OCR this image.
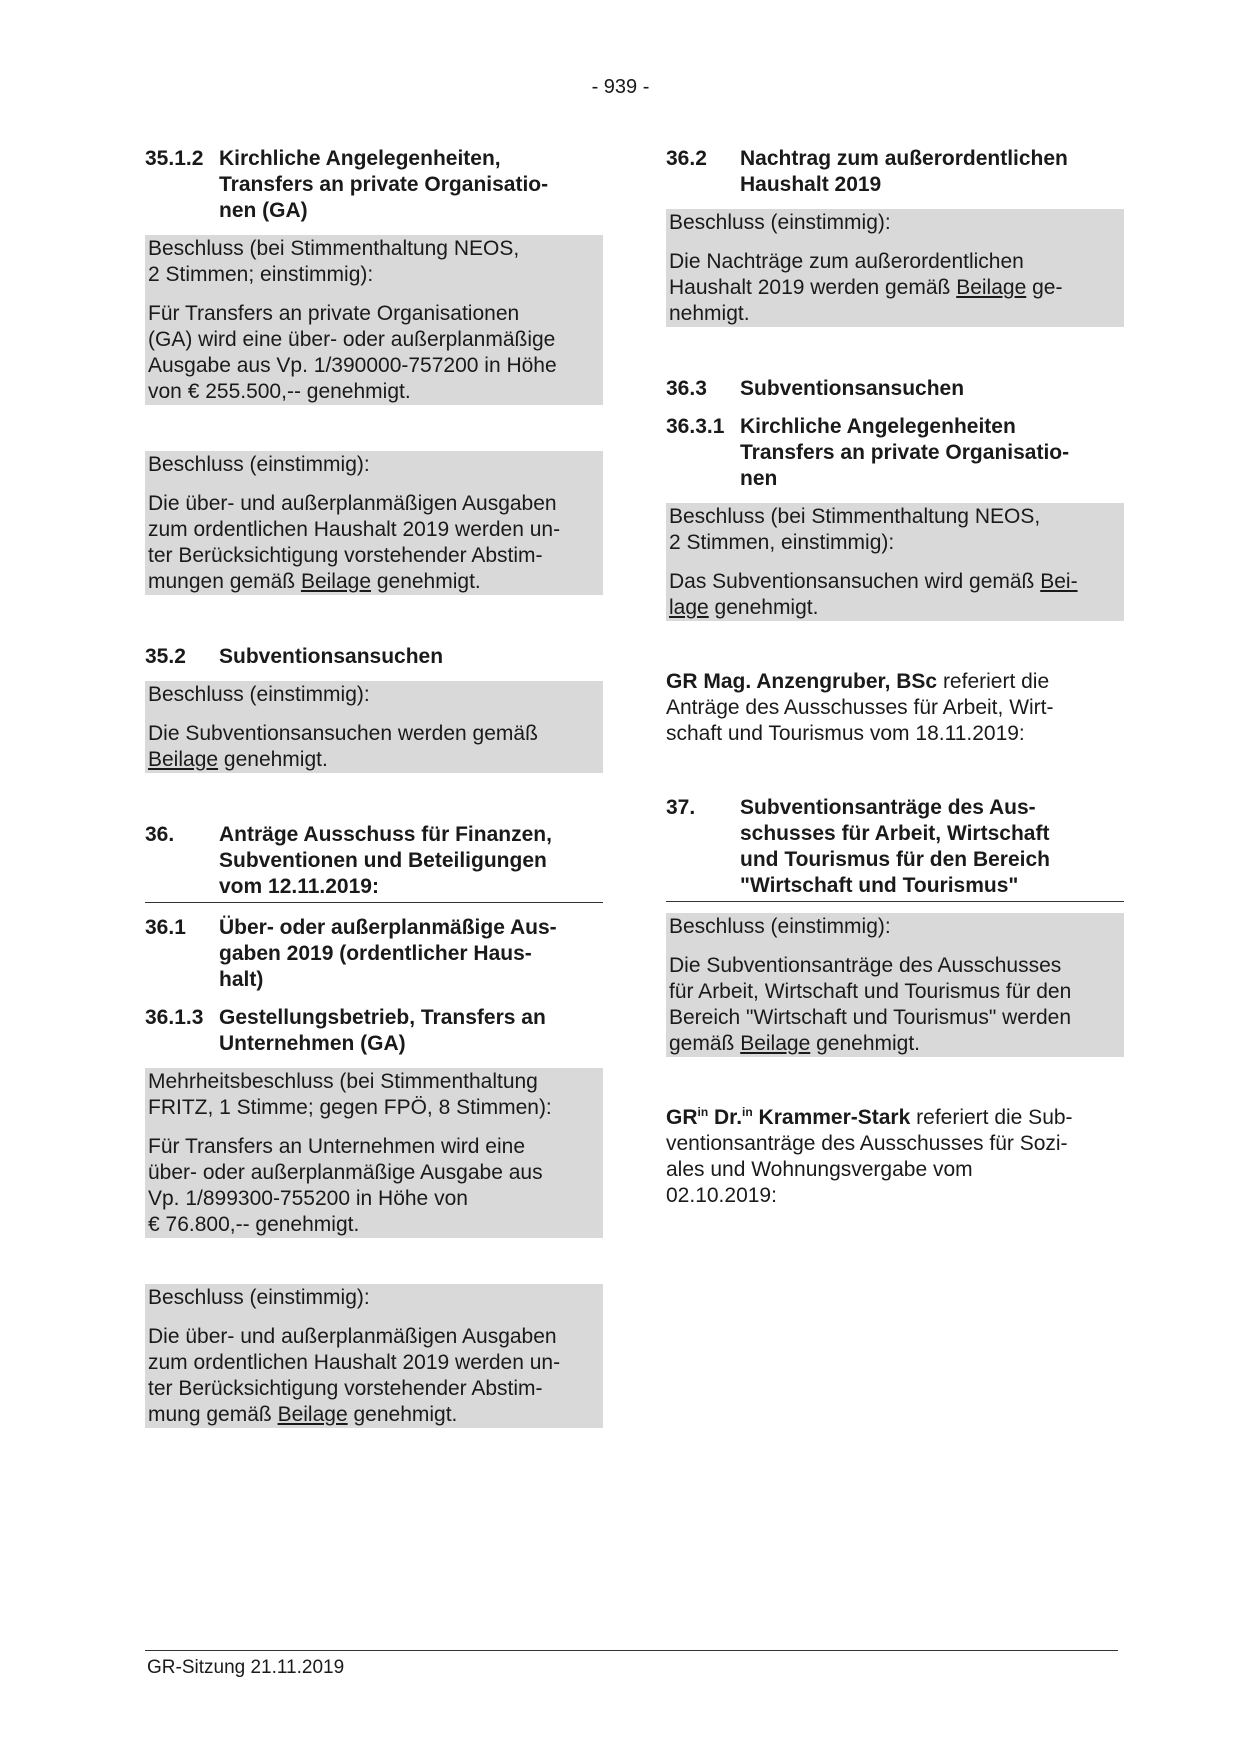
- 939 -
35.1.2 Kirchliche Angelegenheiten,
Transfers an private Organisatio-
nen (GA)

Beschluss (bei Stimmenthaltung NEOS,
2 Stimmen; einstimmig):

Für Transfers an private Organisationen
(GA) wird eine über- oder außerplanmäßige
Ausgabe aus Vp. 1/390000-757200 in Höhe
von € 255.500,-- genehmigt.

Beschluss (einstimmig):

Die über- und außerplanmäßigen Ausgaben
zum ordentlichen Haushalt 2019 werden un-
ter Berücksichtigung vorstehender Abstim-
mungen gemäß Beilage genehmigt.

35.2	Subventionsansuchen

Beschluss (einstimmig):

Die Subventionsansuchen werden gemäß
Beilage genehmigt.

36.	Anträge Ausschuss für Finanzen,
Subventionen und Beteiligungen
vom 12.11.2019:
36.1	Über- oder außerplanmäßige Aus-
gaben 2019 (ordentlicher Haus-
halt)
36.1.3 Gestellungsbetrieb, Transfers an
Unternehmen (GA)

Mehrheitsbeschluss (bei Stimmenthaltung
FRITZ, 1 Stimme; gegen FPÖ, 8 Stimmen):

Für Transfers an Unternehmen wird eine
über- oder außerplanmäßige Ausgabe aus
Vp. 1/899300-755200 in Höhe von
€ 76.800,-- genehmigt.

Beschluss (einstimmig):

Die über- und außerplanmäßigen Ausgaben
zum ordentlichen Haushalt 2019 werden un-
ter Berücksichtigung vorstehender Abstim-
mung gemäß Beilage genehmigt.

36.2	Nachtrag zum außerordentlichen
Haushalt 2019

Beschluss (einstimmig):

Die Nachträge zum außerordentlichen
Haushalt 2019 werden gemäß Beilage ge-
nehmigt.

36.3	Subventionsansuchen
36.3.1 Kirchliche Angelegenheiten
Transfers an private Organisatio-
nen

Beschluss (bei Stimmenthaltung NEOS,
2 Stimmen, einstimmig):

Das Subventionsansuchen wird gemäß Bei-
lage genehmigt.

GR Mag. Anzengruber, BSc referiert die
Anträge des Ausschusses für Arbeit, Wirt-
schaft und Tourismus vom 18.11.2019:

37.	Subventionsanträge des Aus-
schusses für Arbeit, Wirtschaft
und Tourismus für den Bereich
"Wirtschaft und Tourismus"

Beschluss (einstimmig):

Die Subventionsanträge des Ausschusses
für Arbeit, Wirtschaft und Tourismus für den
Bereich "Wirtschaft und Tourismus" werden
gemäß Beilage genehmigt.

$GR^{in}$ Dr.$^{in}$ Krammer-Stark referiert die Sub-
ventionsanträge des Ausschusses für Sozi-
ales und Wohnungsvergabe vom
02.10.2019:

GR-Sitzung 21.11.2019
